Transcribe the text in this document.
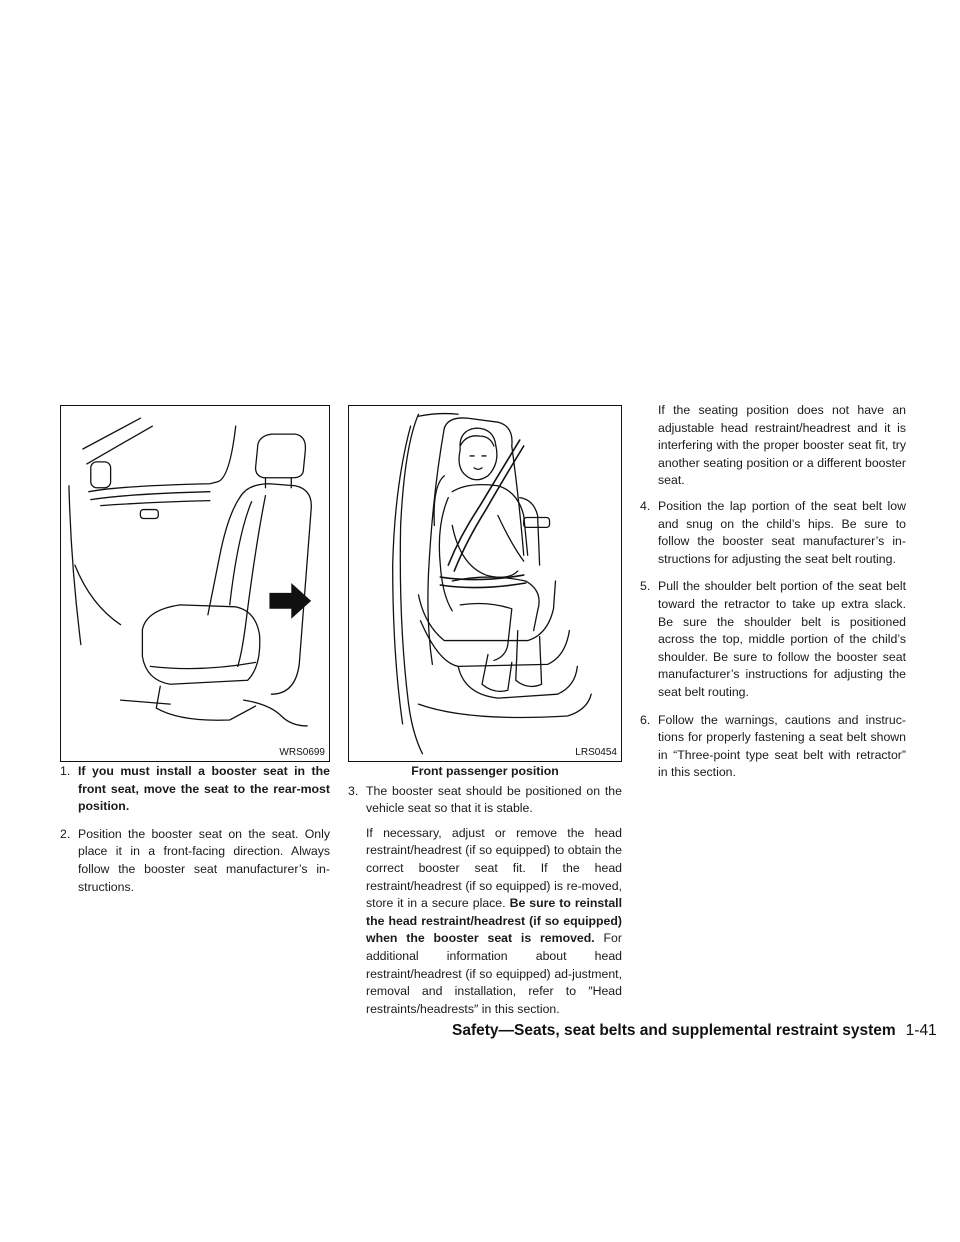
WRS0699
1. If you must install a booster seat in the front seat, move the seat to the rear-most position.
2. Position the booster seat on the seat. Only place it in a front-facing direction. Always follow the booster seat manufacturer’s in-structions.
LRS0454
Front passenger position
3. The booster seat should be positioned on the vehicle seat so that it is stable.

If necessary, adjust or remove the head restraint/headrest (if so equipped) to obtain the correct booster seat fit. If the head restraint/headrest (if so equipped) is re-moved, store it in a secure place. Be sure to reinstall the head restraint/headrest (if so equipped) when the booster seat is removed. For additional information about head restraint/headrest (if so equipped) ad-justment, removal and installation, refer to ″Head restraints/headrests″ in this section.

If the seating position does not have an adjustable head restraint/headrest and it is interfering with the proper booster seat fit, try another seating position or a different booster seat.

4. Position the lap portion of the seat belt low and snug on the child’s hips. Be sure to follow the booster seat manufacturer’s in-structions for adjusting the seat belt routing.
5. Pull the shoulder belt portion of the seat belt toward the retractor to take up extra slack. Be sure the shoulder belt is positioned across the top, middle portion of the child’s shoulder. Be sure to follow the booster seat manufacturer’s instructions for adjusting the seat belt routing.
6. Follow the warnings, cautions and instruc-tions for properly fastening a seat belt shown in “Three-point type seat belt with retractor” in this section.
Safety—Seats, seat belts and supplemental restraint system 1-41
